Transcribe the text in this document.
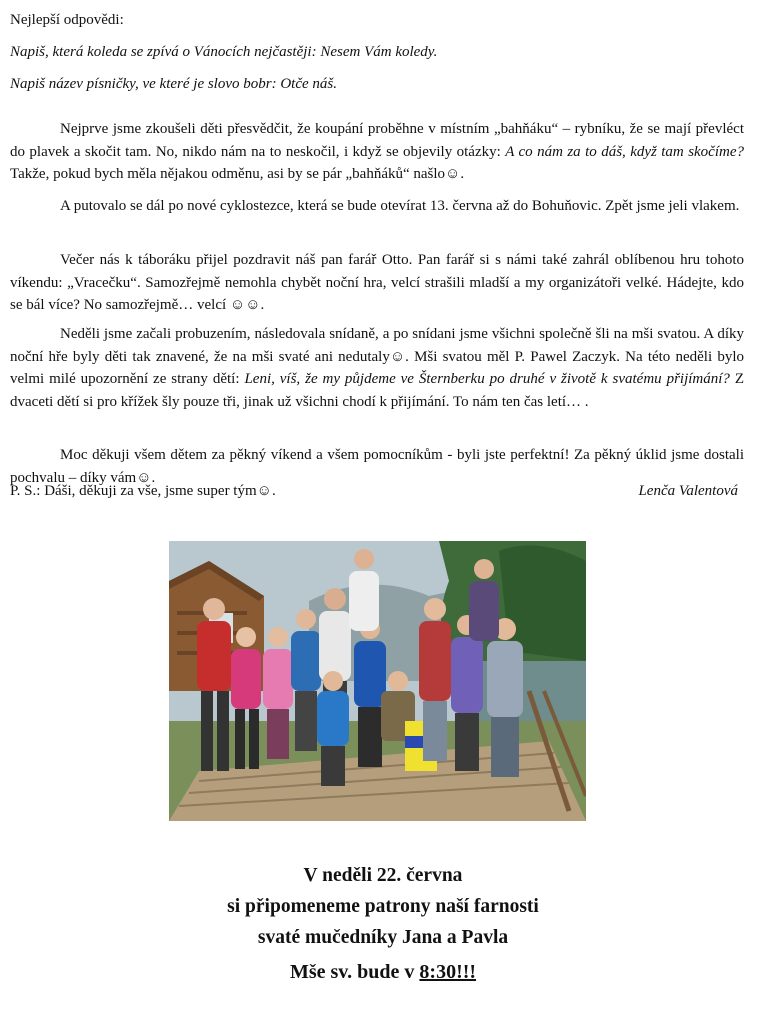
Nejlepší odpovědi:
Napiš, která koleda se zpívá o Vánocích nejčastěji: Nesem Vám koledy.
Napiš název písničky, ve které je slovo bobr: Otče náš.

Nejprve jsme zkoušeli děti přesvědčit, že koupání proběhne v místním „bahňáku“ – rybníku, že se mají převléct do plavek a skočit tam. No, nikdo nám na to neskočil, i když se objevily otázky: A co nám za to dáš, když tam skočíme? Takže, pokud bych měla nějakou odměnu, asi by se pár „bahňáků“ našlo☺.

A putovalo se dál po nové cyklostezce, která se bude otevírat 13. června až do Bohuňovic. Zpět jsme jeli vlakem.

Večer nás k táboráku přijel pozdravit náš pan farář Otto. Pan farář si s námi také zahrál oblíbenou hru tohoto víkendu: „Vracečku“. Samozřejmě nemohla chybět noční hra, velcí strašili mladší a my organizátoři velké. Hádejte, kdo se bál více? No samozřejmě… velcí ☺☺.

Neděli jsme začali probuzením, následovala snídaně, a po snídani jsme všichni společně šli na mši svatou. A díky noční hře byly děti tak znavené, že na mši svaté ani nedutaly☺. Mši svatou měl P. Pawel Zaczyk. Na této neděli bylo velmi milé upozornění ze strany dětí: Leni, víš, že my půjdeme ve Šternberku po druhé v životě k svatému přijímání? Z dvaceti dětí si pro křížek šly pouze tři, jinak už všichni chodí k přijímání. To nám ten čas letí… .

Moc děkuji všem dětem za pěkný víkend a všem pomocníkům - byli jste perfektní! Za pěkný úklid jsme dostali pochvalu – díky vám☺.

P. S.: Dáši, děkuji za vše, jsme super tým☺.	Lenča Valentová
V neděli 22. června
si připomeneme patrony naší farnosti
svaté mučedníky Jana a Pavla
Mše sv. bude v 8:30!!!
